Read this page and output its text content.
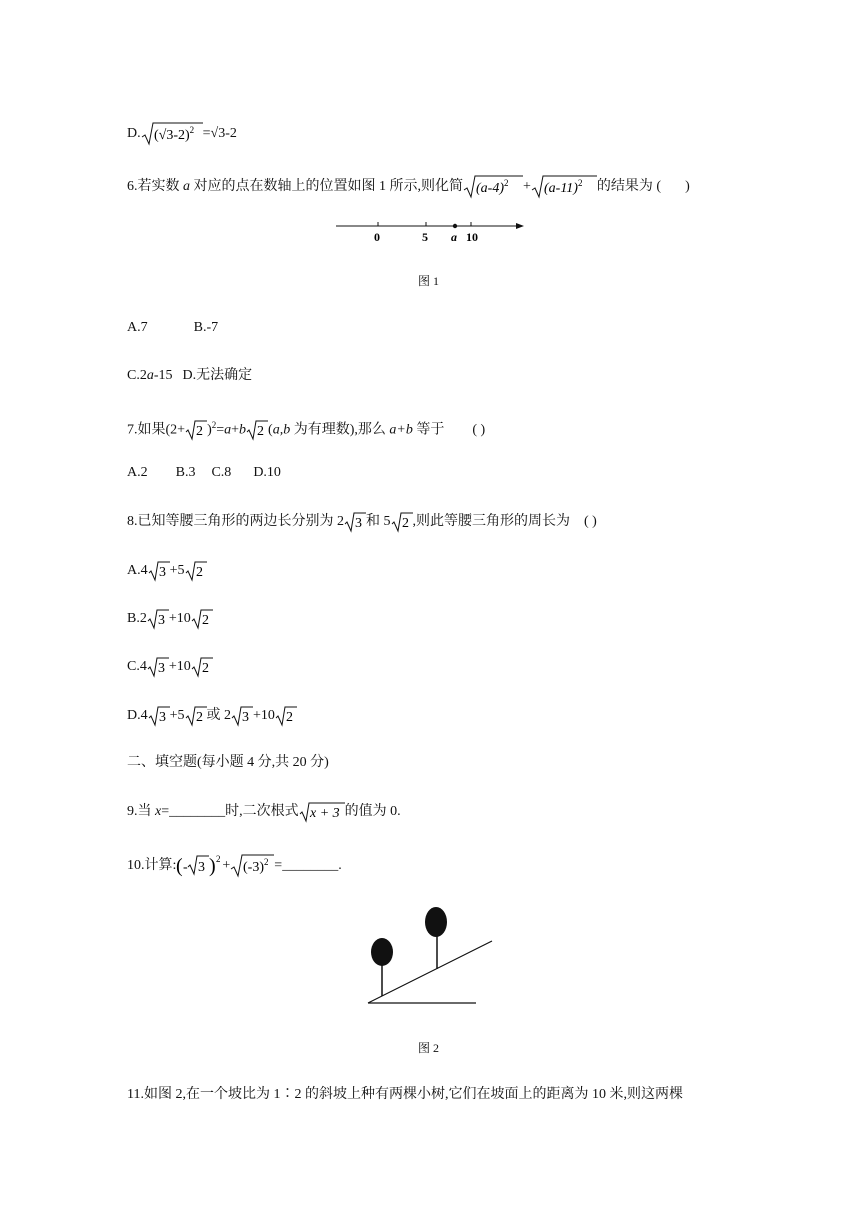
D. $(√3-2)^2 =√3-2$
6.若实数 a 对应的点在数轴上的位置如图 1 所示,则化简 $(a-4)^2 + (a-11)^2$ 的结果为 ( )
0	5 a 10
图 1
A.7	B.-7
C.2a-15 D.无法确定
7.如果(2+ 2 )$^2$=a+b 2 (a,b 为有理数),那么 a+b 等于 ( )
A.2 B.3 C.8 D.10
8.已知等腰三角形的两边长分别为 2 3 和 5 2 ,则此等腰三角形的周长为 ( )
A.4 3 +5 2
B.2 3 +10 2
C.4 3 +10 2
D.4 3 +5 2 或 2 3 +10 2
二、填空题(每小题 4 分,共 20 分)
9.当 x=________时,二次根式 x + 3 的值为 0.
10.计算: ( - 3 ) $2 + (-3)^2$ =________.
图 2
11.如图 2,在一个坡比为 1∶2 的斜坡上种有两棵小树,它们在坡面上的距离为 10 米,则这两棵
